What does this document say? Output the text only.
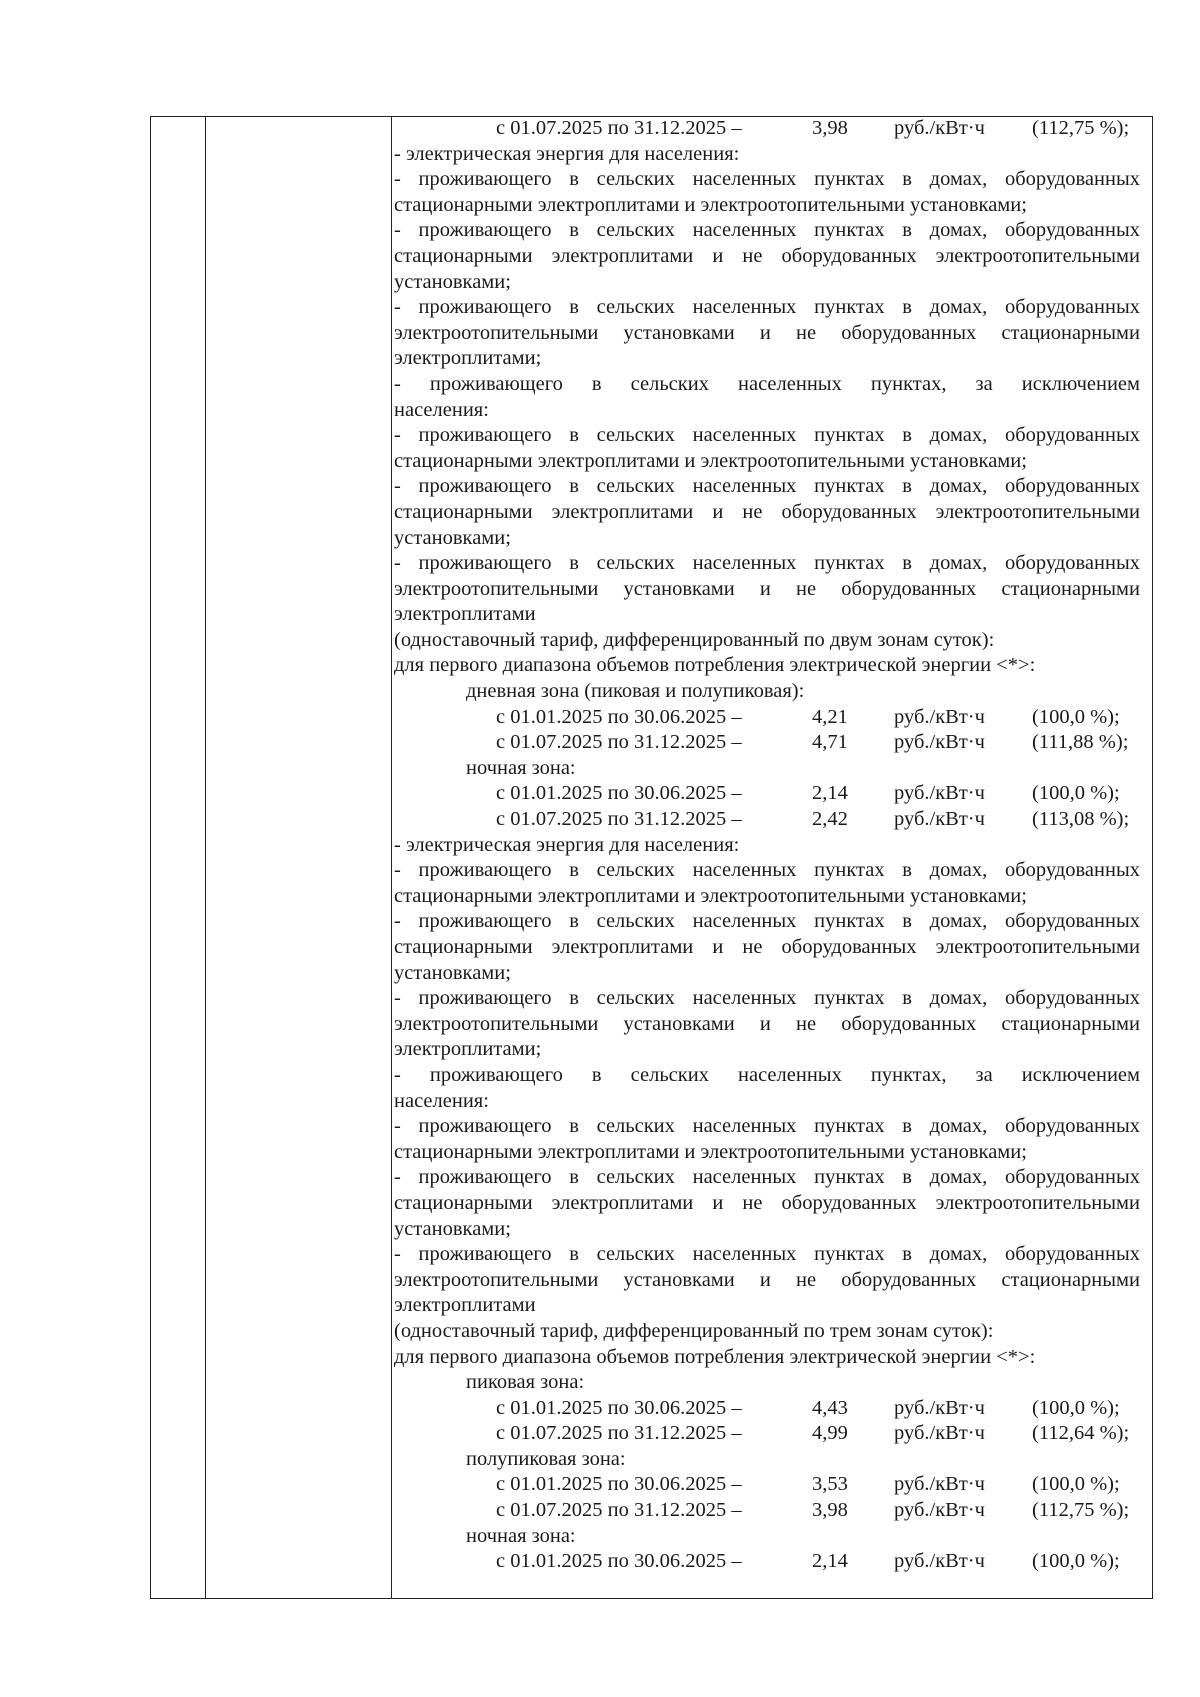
с 01.07.2025 по 31.12.2025 –	3,98 руб./кВт·ч (112,75 %);
- электрическая энергия для населения:
- проживающего в сельских населенных пунктах в домах, оборудованных
стационарными электроплитами и электроотопительными установками;
- проживающего в сельских населенных пунктах в домах, оборудованных
стационарными электроплитами и не оборудованных электроотопительными
установками;
- проживающего в сельских населенных пунктах в домах, оборудованных
электроотопительными установками и не оборудованных стационарными
электроплитами;
- проживающего в сельских населенных пунктах, за исключением
населения:
- проживающего в сельских населенных пунктах в домах, оборудованных
стационарными электроплитами и электроотопительными установками;
- проживающего в сельских населенных пунктах в домах, оборудованных
стационарными электроплитами и не оборудованных электроотопительными
установками;
- проживающего в сельских населенных пунктах в домах, оборудованных
электроотопительными установками и не оборудованных стационарными
электроплитами
(одноставочный тариф, дифференцированный по двум зонам суток):
для первого диапазона объемов потребления электрической энергии <*>:
дневная зона (пиковая и полупиковая):
с 01.01.2025 по 30.06.2025 –	4,21 руб./кВт·ч (100,0 %);
с 01.07.2025 по 31.12.2025 –	4,71 руб./кВт·ч (111,88 %);
ночная зона:
с 01.01.2025 по 30.06.2025 –	2,14 руб./кВт·ч (100,0 %);
с 01.07.2025 по 31.12.2025 –	2,42 руб./кВт·ч (113,08 %);
- электрическая энергия для населения:
- проживающего в сельских населенных пунктах в домах, оборудованных
стационарными электроплитами и электроотопительными установками;
- проживающего в сельских населенных пунктах в домах, оборудованных
стационарными электроплитами и не оборудованных электроотопительными
установками;
- проживающего в сельских населенных пунктах в домах, оборудованных
электроотопительными установками и не оборудованных стационарными
электроплитами;
- проживающего в сельских населенных пунктах, за исключением
населения:
- проживающего в сельских населенных пунктах в домах, оборудованных
стационарными электроплитами и электроотопительными установками;
- проживающего в сельских населенных пунктах в домах, оборудованных
стационарными электроплитами и не оборудованных электроотопительными
установками;
- проживающего в сельских населенных пунктах в домах, оборудованных
электроотопительными установками и не оборудованных стационарными
электроплитами
(одноставочный тариф, дифференцированный по трем зонам суток):
для первого диапазона объемов потребления электрической энергии <*>:
пиковая зона:
с 01.01.2025 по 30.06.2025 –	4,43 руб./кВт·ч (100,0 %);
с 01.07.2025 по 31.12.2025 –	4,99 руб./кВт·ч (112,64 %);
полупиковая зона:
с 01.01.2025 по 30.06.2025 –	3,53 руб./кВт·ч (100,0 %);
с 01.07.2025 по 31.12.2025 –	3,98 руб./кВт·ч (112,75 %);
ночная зона:
с 01.01.2025 по 30.06.2025 –	2,14 руб./кВт·ч (100,0 %);
